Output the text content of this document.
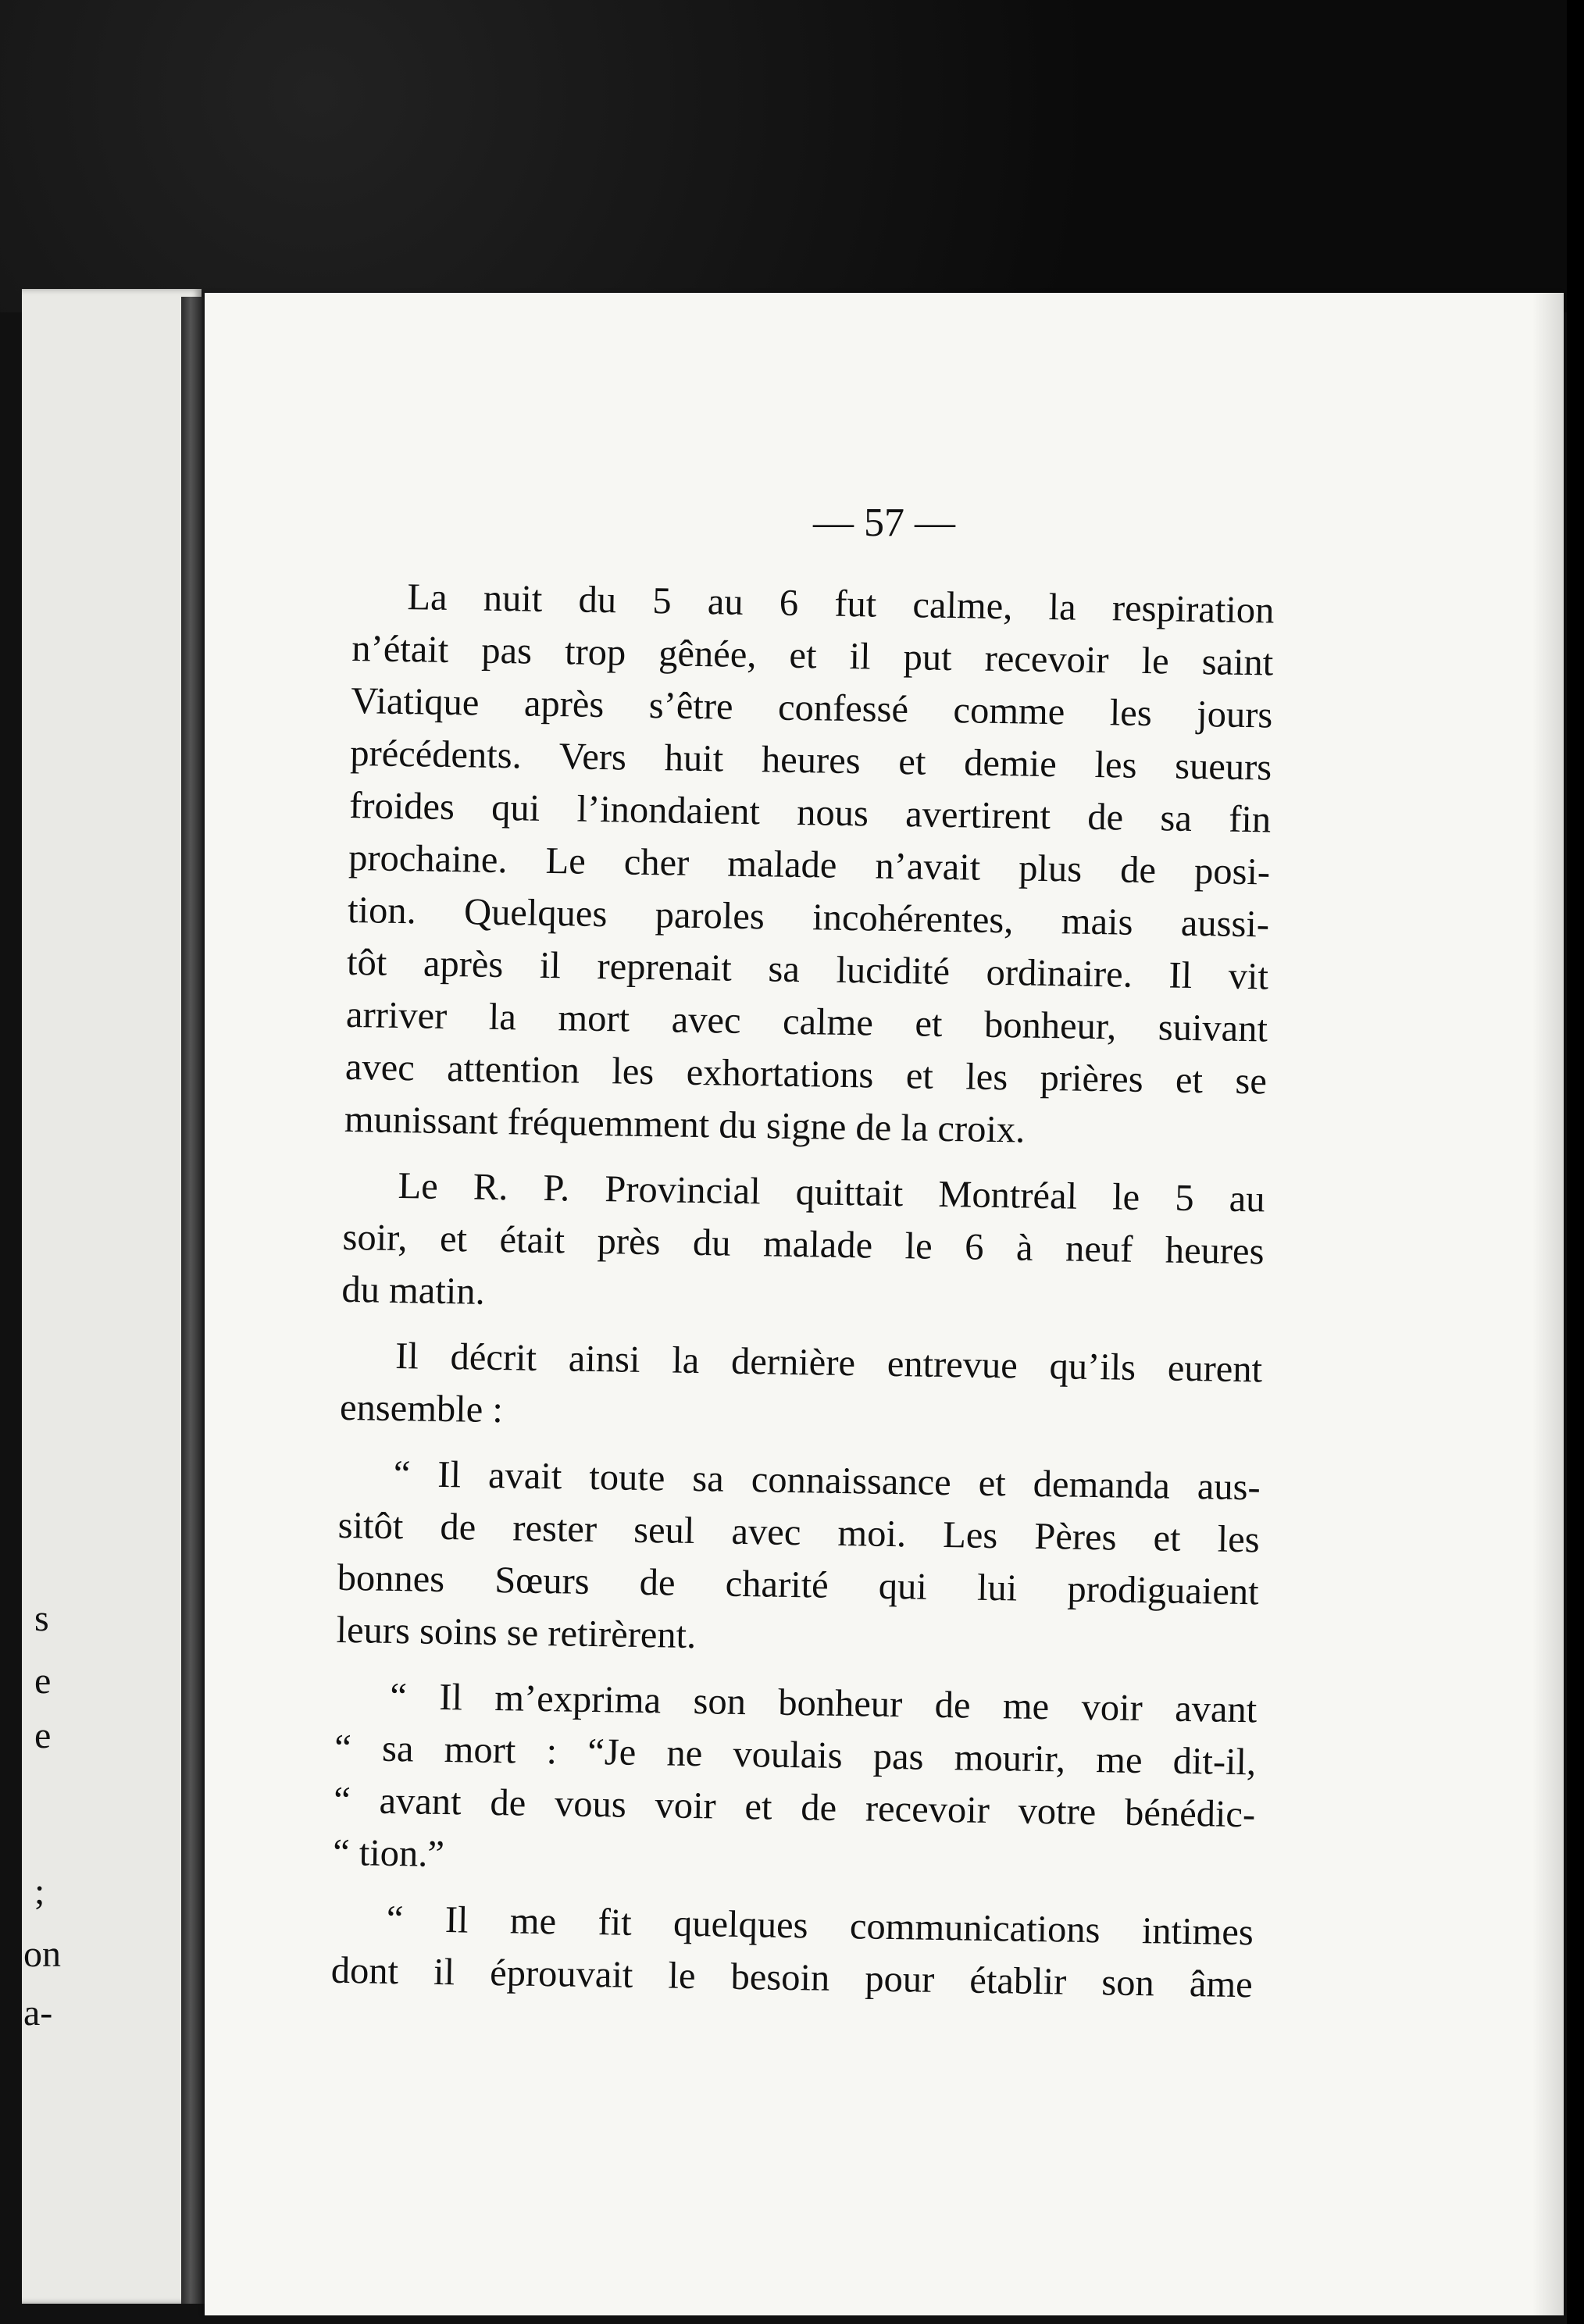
s
e
e
;
on
a-
— 57 —

La nuit du 5 au 6 fut calme, la respiration
n’était pas trop gênée, et il put recevoir le saint
Viatique après s’être confessé comme les jours
précédents. Vers huit heures et demie les sueurs
froides qui l’inondaient nous avertirent de sa fin
prochaine. Le cher malade n’avait plus de posi-
tion. Quelques paroles incohérentes, mais aussi-
tôt après il reprenait sa lucidité ordinaire. Il vit
arriver la mort avec calme et bonheur, suivant
avec attention les exhortations et les prières et se
munissant fréquemment du signe de la croix.

Le R. P. Provincial quittait Montréal le 5 au
soir, et était près du malade le 6 à neuf heures
du matin.

Il décrit ainsi la dernière entrevue qu’ils eurent
ensemble :

“ Il avait toute sa connaissance et demanda aus-
sitôt de rester seul avec moi. Les Pères et les
bonnes Sœurs de charité qui lui prodiguaient
leurs soins se retirèrent.

“ Il m’exprima son bonheur de me voir avant
“ sa mort : “Je ne voulais pas mourir, me dit-il,
“ avant de vous voir et de recevoir votre bénédic-
“ tion.”

“ Il me fit quelques communications intimes
dont il éprouvait le besoin pour établir son âme
